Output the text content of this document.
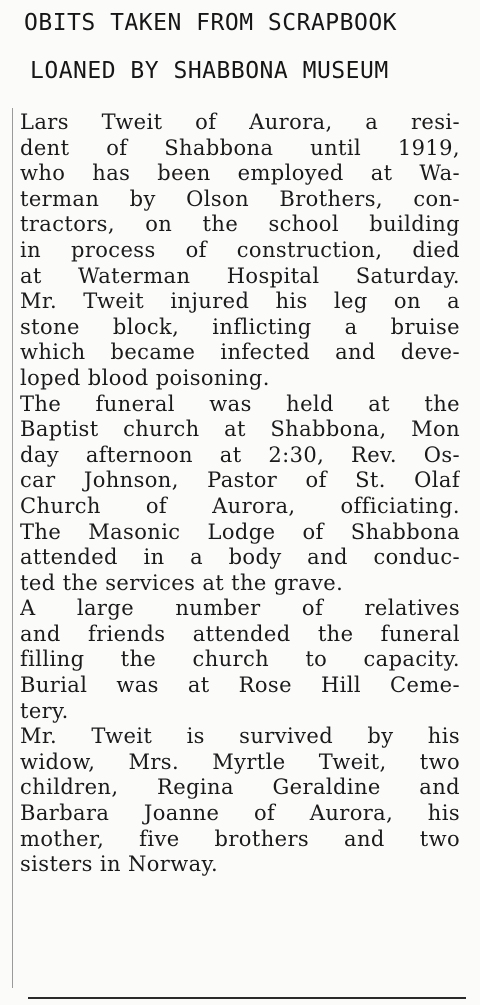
OBITS TAKEN FROM SCRAPBOOK
LOANED BY SHABBONA MUSEUM
Lars Tweit of Aurora, a resi-
dent of Shabbona until 1919,
who has been employed at Wa-
terman by Olson Brothers, con-
tractors, on the school building
in process of construction, died
at Waterman Hospital Saturday.
Mr. Tweit injured his leg on a
stone block, inflicting a bruise
which became infected and deve-
loped blood poisoning.
The funeral was held at the
Baptist church at Shabbona, Mon
day afternoon at 2:30, Rev. Os-
car Johnson, Pastor of St. Olaf
Church of Aurora, officiating.
The Masonic Lodge of Shabbona
attended in a body and conduc-
ted the services at the grave.
A large number of relatives
and friends attended the funeral
filling the church to capacity.
Burial was at Rose Hill Ceme-
tery.
Mr. Tweit is survived by his
widow, Mrs. Myrtle Tweit, two
children, Regina Geraldine and
Barbara Joanne of Aurora, his
mother, five brothers and two
sisters in Norway.
